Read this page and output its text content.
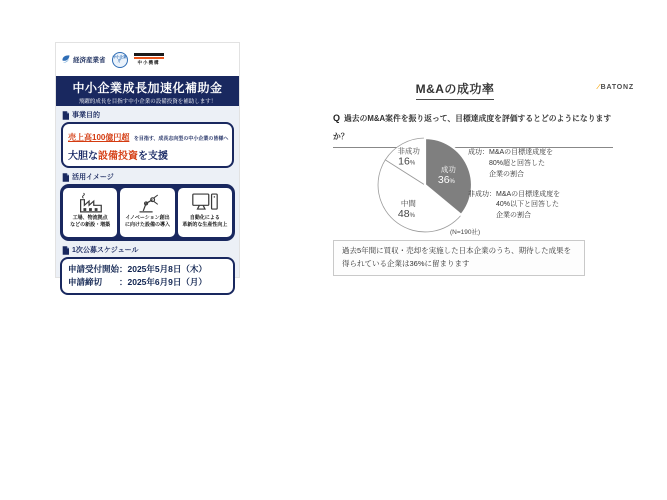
経済産業省
中小企業庁	中小機構
中小企業成長加速化補助金
飛躍的成長を目指す中小企業の設備投資を補助します！
事業目的
売上高100億円超 を目指す、成長志向型の中小企業の皆様へ
大胆な設備投資を支援
活用イメージ
工場、物流拠点
などの新設・増築
イノベーション創出
に向けた設備の導入
自動化による
革新的な生産性向上
1次公募スケジュール
申請受付開始：2025年5月8日（木）
申請締切　　：2025年6月9日（月）
M&Aの成功率	⁄BATONZ
Q 過去のM&A案件を振り返って、目標達成度を評価するとどのようになりますか？
成功 36%
中間 48%
非成功 16%
(N=190社)
成功： M&Aの目標達成度を
80%超と回答した
企業の割合
非成功： M&Aの目標達成度を
40%以下と回答した
企業の割合
過去5年間に買収・売却を実施した日本企業のうち、期待した成果を得られている企業は36%に留まります
